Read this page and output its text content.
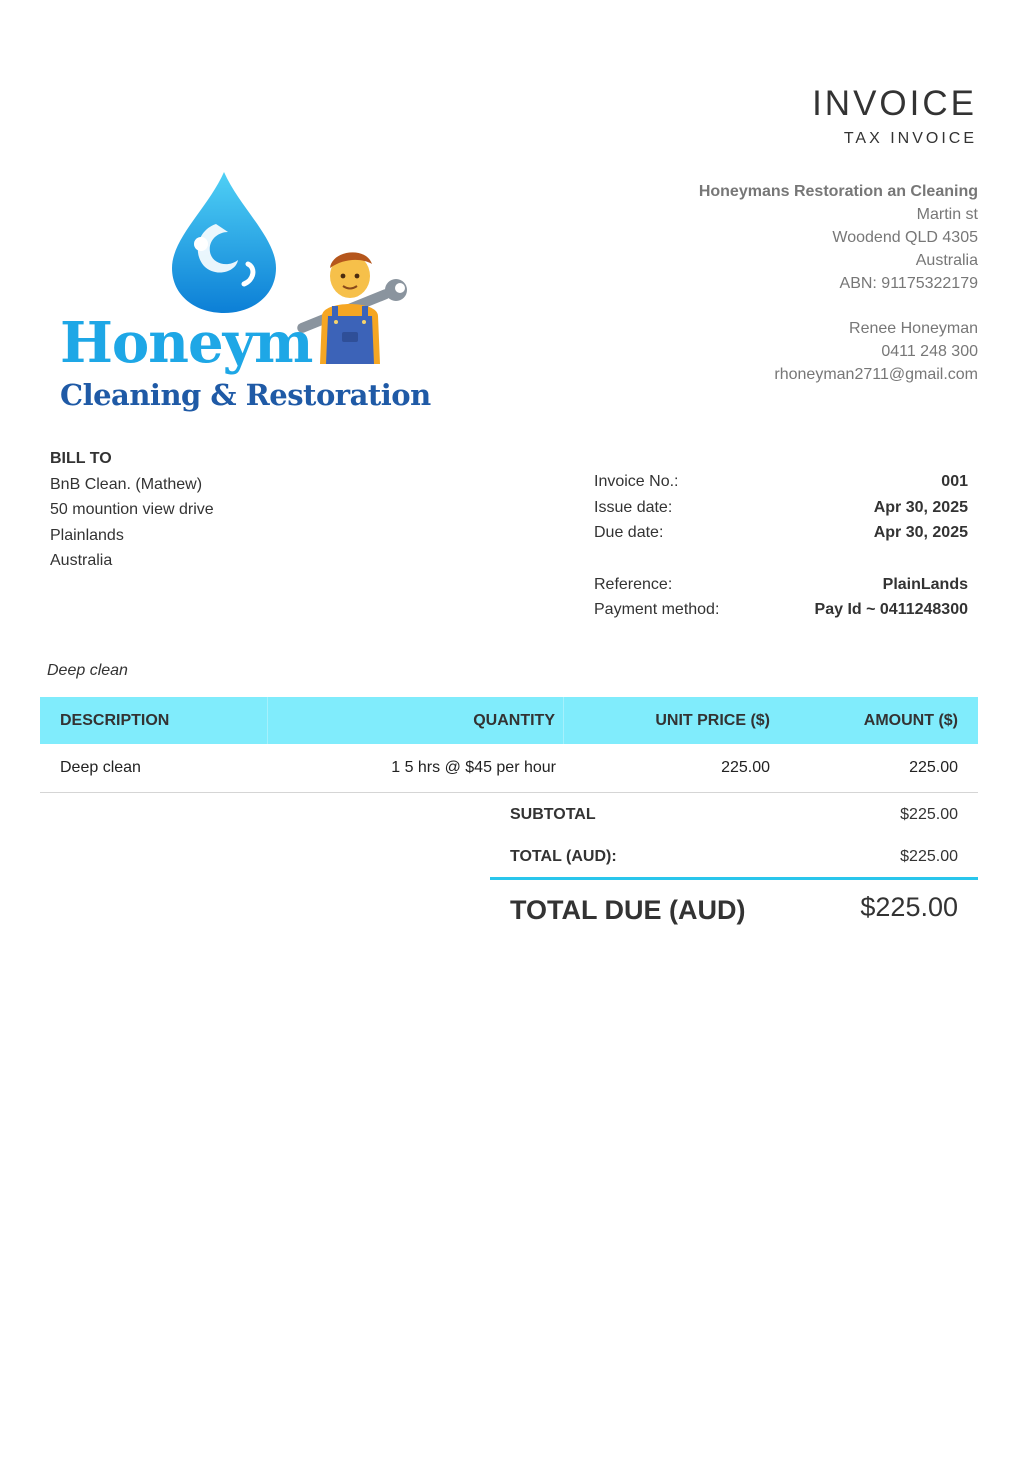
INVOICE
TAX INVOICE
Honeym
Cleaning & Restoration
Honeymans Restoration an Cleaning
Martin st
Woodend QLD 4305
Australia
ABN: 91175322179
Renee Honeyman
0411 248 300
rhoneyman2711@gmail.com
BILL TO
BnB Clean. (Mathew)
50 mountion view drive
Plainlands
Australia
Invoice No.:	001
Issue date:	Apr 30, 2025
Due date:	Apr 30, 2025
Reference:	PlainLands
Payment method:	Pay Id ~ 0411248300
Deep clean
DESCRIPTION	QUANTITY	UNIT PRICE ($)	AMOUNT ($)
Deep clean	1 5 hrs @ $45 per hour	225.00	225.00
SUBTOTAL	$225.00
TOTAL (AUD):	$225.00
TOTAL DUE (AUD)	$225.00
